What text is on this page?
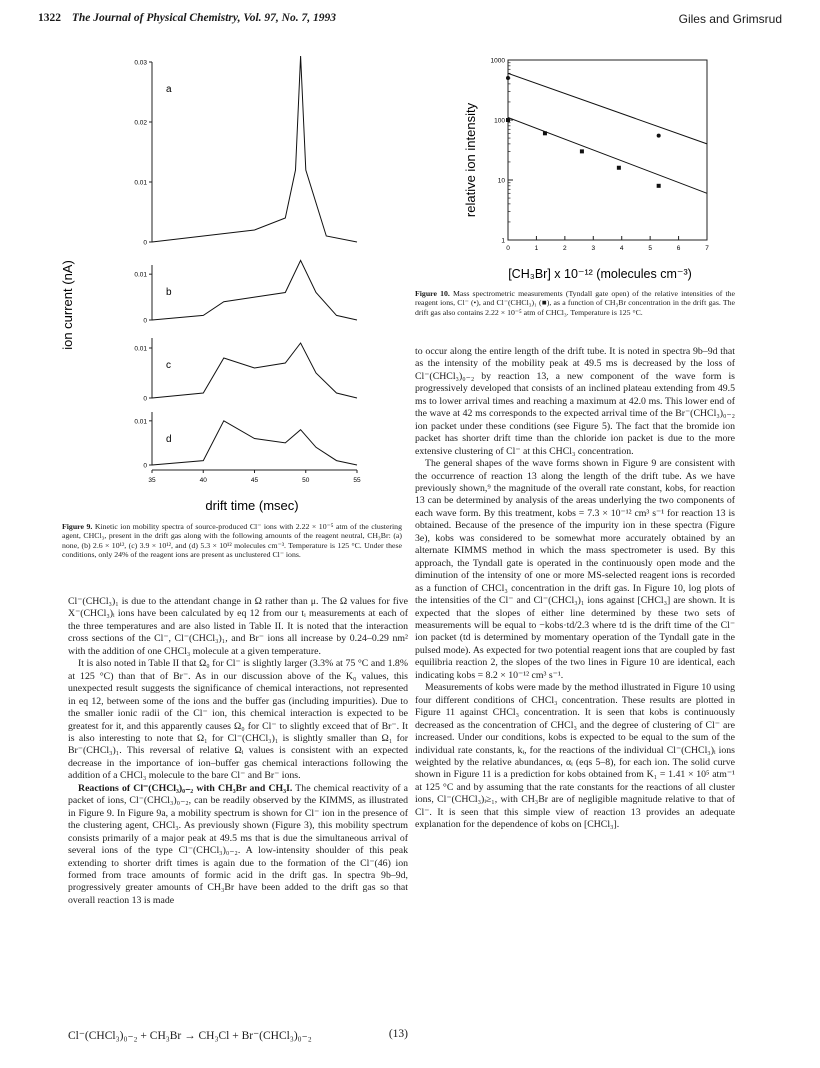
1322 The Journal of Physical Chemistry, Vol. 97, No. 7, 1993	Giles and Grimsrud
ion current (nA)
0.03
0.02
0.01
0
a
0.01
0
b
0.01
0
c
0.01
0
d
35	40	45	50	55
drift time (msec)
Figure 9. Kinetic ion mobility spectra of source-produced Cl⁻ ions with 2.22 × 10⁻⁵ atm of the clustering agent, CHCl₃, present in the drift gas along with the following amounts of the reagent neutral, CH₃Br: (a) none, (b) 2.6 × 10¹², (c) 3.9 × 10¹², and (d) 5.3 × 10¹² molecules cm⁻³. Temperature is 125 °C. Under these conditions, only 24% of the reagent ions are present as unclustered Cl⁻ ions.
relative ion intensity
1000
100
10
1
0	1	2	3	4	5	6	7
[CH₃Br] x 10⁻¹² (molecules cm⁻³)
Figure 10. Mass spectrometric measurements (Tyndall gate open) of the relative intensities of the reagent ions, Cl⁻ (•), and Cl⁻(CHCl₃)₁ (■), as a function of CH₃Br concentration in the drift gas. The drift gas also contains 2.22 × 10⁻⁵ atm of CHCl₃. Temperature is 125 °C.

Cl⁻(CHCl₃)₁ is due to the attendant change in Ω rather than μ. The Ω values for five X⁻(CHCl₃)ᵢ ions have been calculated by eq 12 from our tᵢ measurements at each of the three temperatures and are also listed in Table II. It is noted that the interaction cross sections of the Cl⁻, Cl⁻(CHCl₃)₁, and Br⁻ ions all increase by 0.24–0.29 nm² with the addition of one CHCl₃ molecule at a given temperature.

It is also noted in Table II that Ω₀ for Cl⁻ is slightly larger (3.3% at 75 °C and 1.8% at 125 °C) than that of Br⁻. As in our discussion above of the K₀ values, this unexpected result suggests the significance of chemical interactions, not represented in eq 12, between some of the ions and the buffer gas (including impurities). Due to the smaller ionic radii of the Cl⁻ ion, this chemical interaction is expected to be greatest for it, and this apparently causes Ω₀ for Cl⁻ to slightly exceed that of Br⁻. It is also interesting to note that Ω₁ for Cl⁻(CHCl₃)₁ is slightly smaller than Ω₁ for Br⁻(CHCl₃)₁. This reversal of relative Ωᵢ values is consistent with an expected decrease in the importance of ion–buffer gas chemical interactions following the addition of a CHCl₃ molecule to the bare Cl⁻ and Br⁻ ions.

Reactions of Cl⁻(CHCl₃)₀₋₂ with CH₃Br and CH₃I. The chemical reactivity of a packet of ions, Cl⁻(CHCl₃)₀₋₂, can be readily observed by the KIMMS, as illustrated in Figure 9. In Figure 9a, a mobility spectrum is shown for Cl⁻ ion in the presence of the clustering agent, CHCl₃. As previously shown (Figure 3), this mobility spectrum consists primarily of a major peak at 49.5 ms that is due the simultaneous arrival of several ions of the type Cl⁻(CHCl₃)₀₋₂. A low-intensity shoulder of this peak extending to shorter drift times is again due to the formation of the Cl⁻(46) ion formed from trace amounts of formic acid in the drift gas. In spectra 9b–9d, progressively greater amounts of CH₃Br have been added to the drift gas so that overall reaction 13 is made

Cl⁻(CHCl₃)₀₋₂ + CH₃Br → CH₃Cl + Br⁻(CHCl₃)₀₋₂	(13)

to occur along the entire length of the drift tube. It is noted in spectra 9b–9d that as the intensity of the mobility peak at 49.5 ms is decreased by the loss of Cl⁻(CHCl₃)₀₋₂ by reaction 13, a new component of the wave form is progressively developed that consists of an inclined plateau extending from 49.5 ms to lower arrival times and reaching a maximum at 42.0 ms. This lower end of the wave at 42 ms corresponds to the expected arrival time of the Br⁻(CHCl₃)₀₋₂ ion packet under these conditions (see Figure 5). The fact that the bromide ion packet has shorter drift time than the chloride ion packet is due to the more extensive clustering of Cl⁻ at this CHCl₃ concentration.

The general shapes of the wave forms shown in Figure 9 are consistent with the occurrence of reaction 13 along the length of the drift tube. As we have previously shown,⁹ the magnitude of the overall rate constant, kobs, for reaction 13 can be determined by analysis of the areas underlying the two components of each wave form. By this treatment, kobs = 7.3 × 10⁻¹² cm³ s⁻¹ for reaction 13 is obtained. Because of the presence of the impurity ion in these spectra (Figure 3e), kobs was considered to be somewhat more accurately obtained by an alternate KIMMS method in which the mass spectrometer is used. By this approach, the Tyndall gate is operated in the continuously open mode and the diminution of the intensity of one or more MS-selected reagent ions is recorded as a function of CHCl₃ concentration in the drift gas. In Figure 10, log plots of the intensities of the Cl⁻ and Cl⁻(CHCl₃)₁ ions against [CHCl₃] are shown. It is expected that the slopes of either line determined by these two sets of measurements will be equal to −kobs·td/2.3 where td is the drift time of the Cl⁻ ion packet (td is determined by momentary operation of the Tyndall gate in the pulsed mode). As expected for two potential reagent ions that are coupled by fast equilibria reaction 2, the slopes of the two lines in Figure 10 are identical, each indicating kobs = 8.2 × 10⁻¹² cm³ s⁻¹.

Measurements of kobs were made by the method illustrated in Figure 10 using four different conditions of CHCl₃ concentration. These results are plotted in Figure 11 against CHCl₃ concentration. It is seen that kobs is continuously decreased as the concentration of CHCl₃ and the degree of clustering of Cl⁻ are increased. Under our conditions, kobs is expected to be equal to the sum of the individual rate constants, kᵢ, for the reactions of the individual Cl⁻(CHCl₃)ᵢ ions weighted by the relative abundances, αᵢ (eqs 5–8), for each ion. The solid curve shown in Figure 11 is a prediction for kobs obtained from K₁ = 1.41 × 10⁵ atm⁻¹ at 125 °C and by assuming that the rate constants for the reactions of all cluster ions, Cl⁻(CHCl₃)ᵢ≥₁, with CH₃Br are of negligible magnitude relative to that of Cl⁻. It is seen that this simple view of reaction 13 provides an adequate explanation for the dependence of kobs on [CHCl₃].
